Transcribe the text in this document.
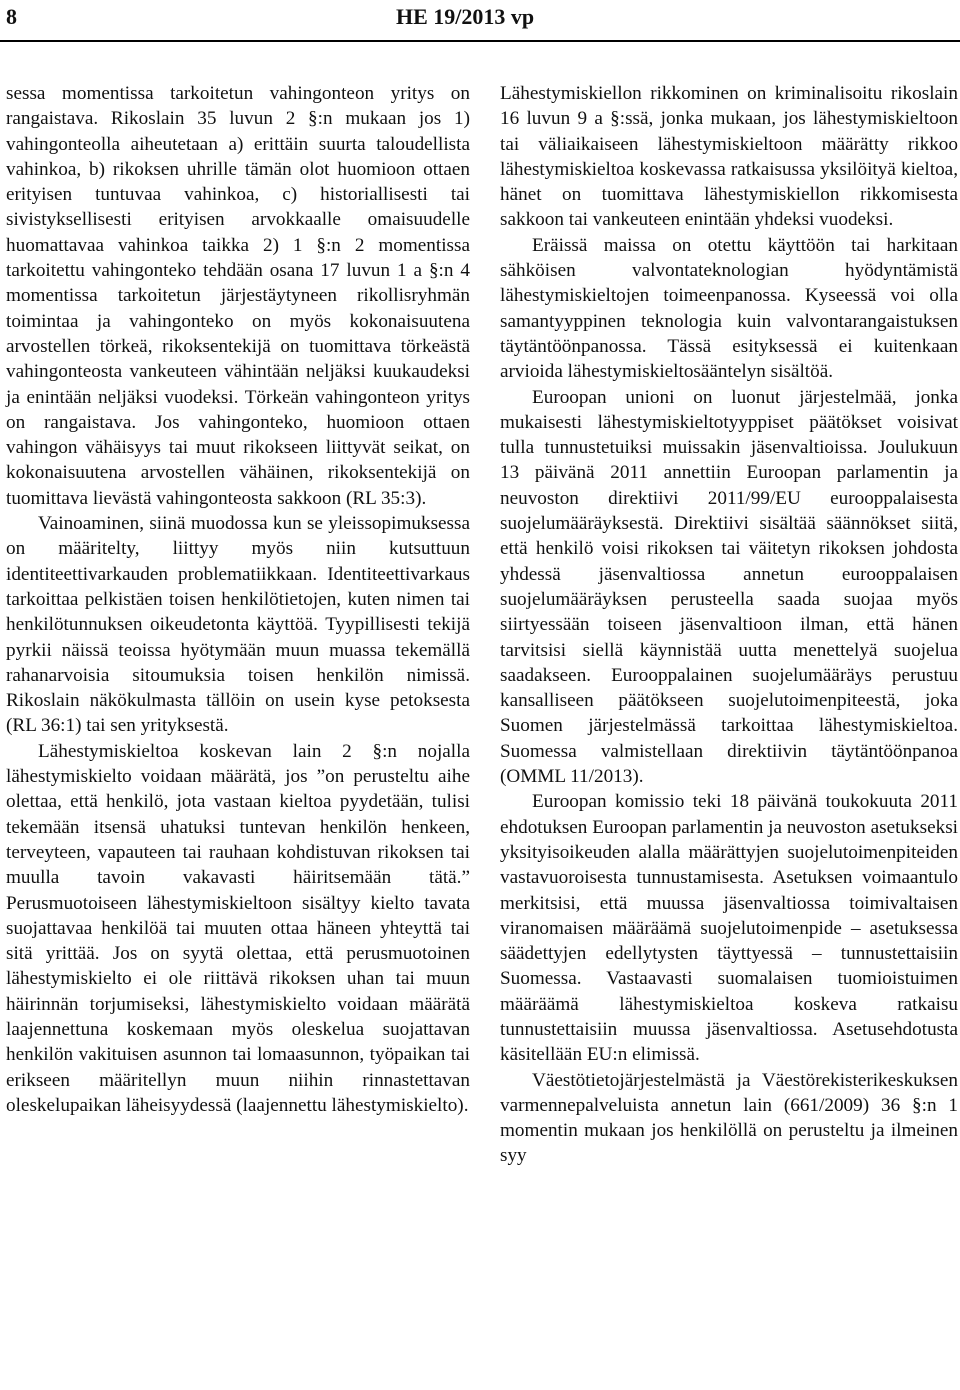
8	HE 19/2013 vp

sessa momentissa tarkoitetun vahingonteon yritys on rangaistava. Rikoslain 35 luvun 2 §:n mukaan jos 1) vahingonteolla aiheutetaan a) erittäin suurta taloudellista vahinkoa, b) rikoksen uhrille tämän olot huomioon ottaen erityisen tuntuvaa vahinkoa, c) historiallisesti tai sivistyksellisesti erityisen arvokkaalle omaisuudelle huomattavaa vahinkoa taikka 2) 1 §:n 2 momentissa tarkoitettu vahingonteko tehdään osana 17 luvun 1 a §:n 4 momentissa tarkoitetun järjestäytyneen rikollisryhmän toimintaa ja vahingonteko on myös kokonaisuutena arvostellen törkeä, rikoksentekijä on tuomittava törkeästä vahingonteosta vankeuteen vähintään neljäksi kuukaudeksi ja enintään neljäksi vuodeksi. Törkeän vahingonteon yritys on rangaistava. Jos vahingonteko, huomioon ottaen vahingon vähäisyys tai muut rikokseen liittyvät seikat, on kokonaisuutena arvostellen vähäinen, rikoksentekijä on tuomittava lievästä vahingonteosta sakkoon (RL 35:3).

Vainoaminen, siinä muodossa kun se yleissopimuksessa on määritelty, liittyy myös niin kutsuttuun identiteettivarkauden problematiikkaan. Identiteettivarkaus tarkoittaa pelkistäen toisen henkilötietojen, kuten nimen tai henkilötunnuksen oikeudetonta käyttöä. Tyypillisesti tekijä pyrkii näissä teoissa hyötymään muun muassa tekemällä rahanarvoisia sitoumuksia toisen henkilön nimissä. Rikoslain näkökulmasta tällöin on usein kyse petoksesta (RL 36:1) tai sen yrityksestä.

Lähestymiskieltoa koskevan lain 2 §:n nojalla lähestymiskielto voidaan määrätä, jos ”on perusteltu aihe olettaa, että henkilö, jota vastaan kieltoa pyydetään, tulisi tekemään itsensä uhatuksi tuntevan henkilön henkeen, terveyteen, vapauteen tai rauhaan kohdistuvan rikoksen tai muulla tavoin vakavasti häiritsemään tätä.” Perusmuotoiseen lähestymiskieltoon sisältyy kielto tavata suojattavaa henkilöä tai muuten ottaa häneen yhteyttä tai sitä yrittää. Jos on syytä olettaa, että perusmuotoinen lähestymiskielto ei ole riittävä rikoksen uhan tai muun häirinnän torjumiseksi, lähestymiskielto voidaan määrätä laajennettuna koskemaan myös oleskelua suojattavan henkilön vakituisen asunnon tai lomaasunnon, työpaikan tai erikseen määritellyn muun niihin rinnastettavan oleskelupaikan läheisyydessä (laajennettu lähestymiskielto).

Lähestymiskiellon rikkominen on kriminalisoitu rikoslain 16 luvun 9 a §:ssä, jonka mukaan, jos lähestymiskieltoon tai väliaikaiseen lähestymiskieltoon määrätty rikkoo lähestymiskieltoa koskevassa ratkaisussa yksilöityä kieltoa, hänet on tuomittava lähestymiskiellon rikkomisesta sakkoon tai vankeuteen enintään yhdeksi vuodeksi.

Eräissä maissa on otettu käyttöön tai harkitaan sähköisen valvontateknologian hyödyntämistä lähestymiskieltojen toimeenpanossa. Kyseessä voi olla samantyyppinen teknologia kuin valvontarangaistuksen täytäntöönpanossa. Tässä esityksessä ei kuitenkaan arvioida lähestymiskieltosääntelyn sisältöä.

Euroopan unioni on luonut järjestelmää, jonka mukaisesti lähestymiskieltotyyppiset päätökset voisivat tulla tunnustetuiksi muissakin jäsenvaltioissa. Joulukuun 13 päivänä 2011 annettiin Euroopan parlamentin ja neuvoston direktiivi 2011/99/EU eurooppalaisesta suojelumääräyksestä. Direktiivi sisältää säännökset siitä, että henkilö voisi rikoksen tai väitetyn rikoksen johdosta yhdessä jäsenvaltiossa annetun eurooppalaisen suojelumääräyksen perusteella saada suojaa myös siirtyessään toiseen jäsenvaltioon ilman, että hänen tarvitsisi siellä käynnistää uutta menettelyä suojelua saadakseen. Eurooppalainen suojelumääräys perustuu kansalliseen päätökseen suojelutoimenpiteestä, joka Suomen järjestelmässä tarkoittaa lähestymiskieltoa. Suomessa valmistellaan direktiivin täytäntöönpanoa (OMML 11/2013).

Euroopan komissio teki 18 päivänä toukokuuta 2011 ehdotuksen Euroopan parlamentin ja neuvoston asetukseksi yksityisoikeuden alalla määrättyjen suojelutoimenpiteiden vastavuoroisesta tunnustamisesta. Asetuksen voimaantulo merkitsisi, että muussa jäsenvaltiossa toimivaltaisen viranomaisen määräämä suojelutoimenpide – asetuksessa säädettyjen edellytysten täyttyessä – tunnustettaisiin Suomessa. Vastaavasti suomalaisen tuomioistuimen määräämä lähestymiskieltoa koskeva ratkaisu tunnustettaisiin muussa jäsenvaltiossa. Asetusehdotusta käsitellään EU:n elimissä.

Väestötietojärjestelmästä ja Väestörekisterikeskuksen varmennepalveluista annetun lain (661/2009) 36 §:n 1 momentin mukaan jos henkilöllä on perusteltu ja ilmeinen syy
